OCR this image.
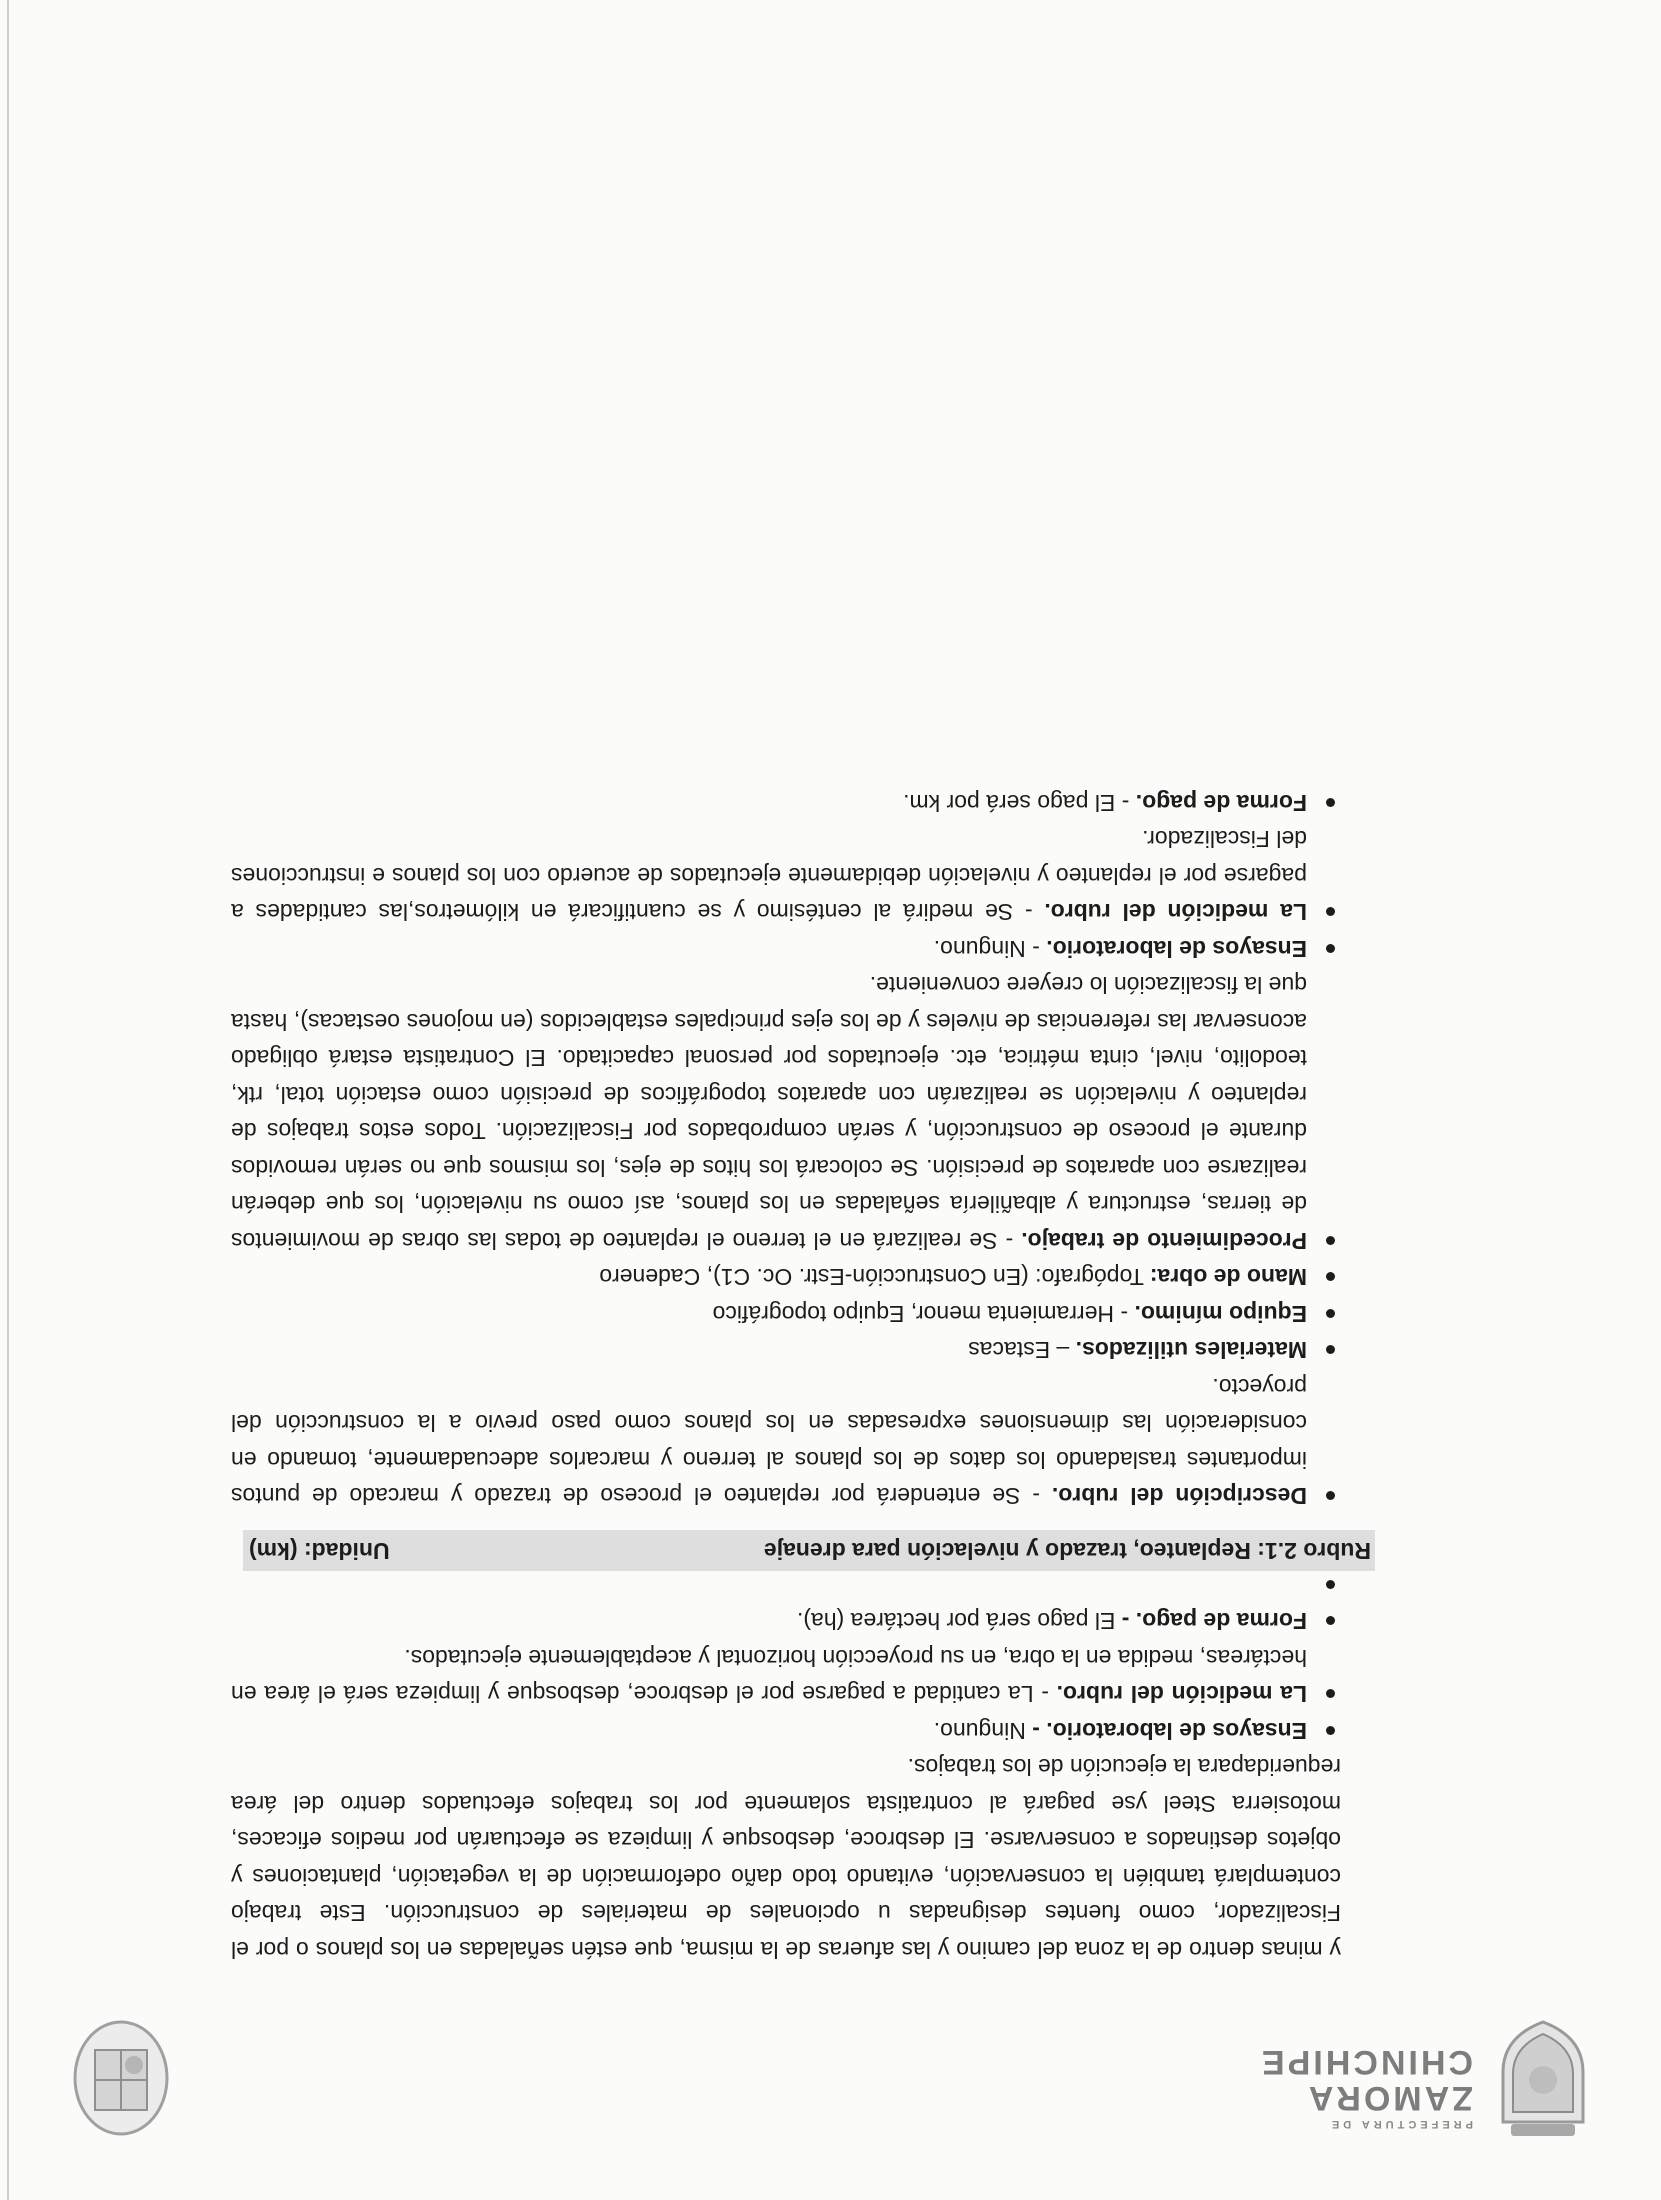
PREFECTURA DE
ZAMORA
CHINCHIPE

y minas dentro de la zona del camino y las afueras de la misma, que estén señaladas en los planos o por el Fiscalizador, como fuentes designadas u opcionales de materiales de construcción. Este trabajo contemplará también la conservación, evitando todo daño odeformación de la vegetación, plantaciones y objetos destinados a conservarse. El desbroce, desbosque y limpieza se efectuarán por medios eficaces, motosierra Steel yse pagará al contratista solamente por los trabajos efectuados dentro del área requeridapara la ejecución de los trabajos.

Ensayos de laboratorio. - Ninguno.

La medición del rubro. - La cantidad a pagarse por el desbroce, desbosque y limpieza será el área en hectáreas, medida en la obra, en su proyección horizontal y aceptablemente ejecutados.

Forma de pago. - El pago será por hectárea (ha).

Rubro 2.1: Replanteo, trazado y nivelación para drenaje
Unidad: (km)

Descripción del rubro. - Se entenderá por replanteo el proceso de trazado y marcado de puntos importantes trasladando los datos de los planos al terreno y marcarlos adecuadamente, tomando en consideración las dimensiones expresadas en los planos como paso previo a la construcción del proyecto.

Materiales utilizados. – Estacas

Equipo mínimo. - Herramienta menor, Equipo topográfico

Mano de obra: Topógrafo: (En Construcción-Estr. Oc. C1), Cadenero

Procedimiento de trabajo. - Se realizará en el terreno el replanteo de todas las obras de movimientos de tierras, estructura y albañilería señaladas en los planos, así como su nivelación, los que deberán realizarse con aparatos de precisión. Se colocará los hitos de ejes, los mismos que no serán removidos durante el proceso de construcción, y serán comprobados por Fiscalización. Todos estos trabajos de replanteo y nivelación se realizarán con aparatos topográficos de precisión como estación total, rtk, teodolito, nivel, cinta métrica, etc. ejecutados por personal capacitado. El Contratista estará obligado aconservar las referencias de niveles y de los ejes principales establecidos (en mojones oestacas), hasta que la fiscalización lo creyere conveniente.

Ensayos de laboratorio. - Ninguno.

La medición del rubro. - Se medirá al centésimo y se cuantificará en kilómetros,las cantidades a pagarse por el replanteo y nivelación debidamente ejecutados de acuerdo con los planos e instrucciones del Fiscalizador.

Forma de pago. - El pago será por km.
